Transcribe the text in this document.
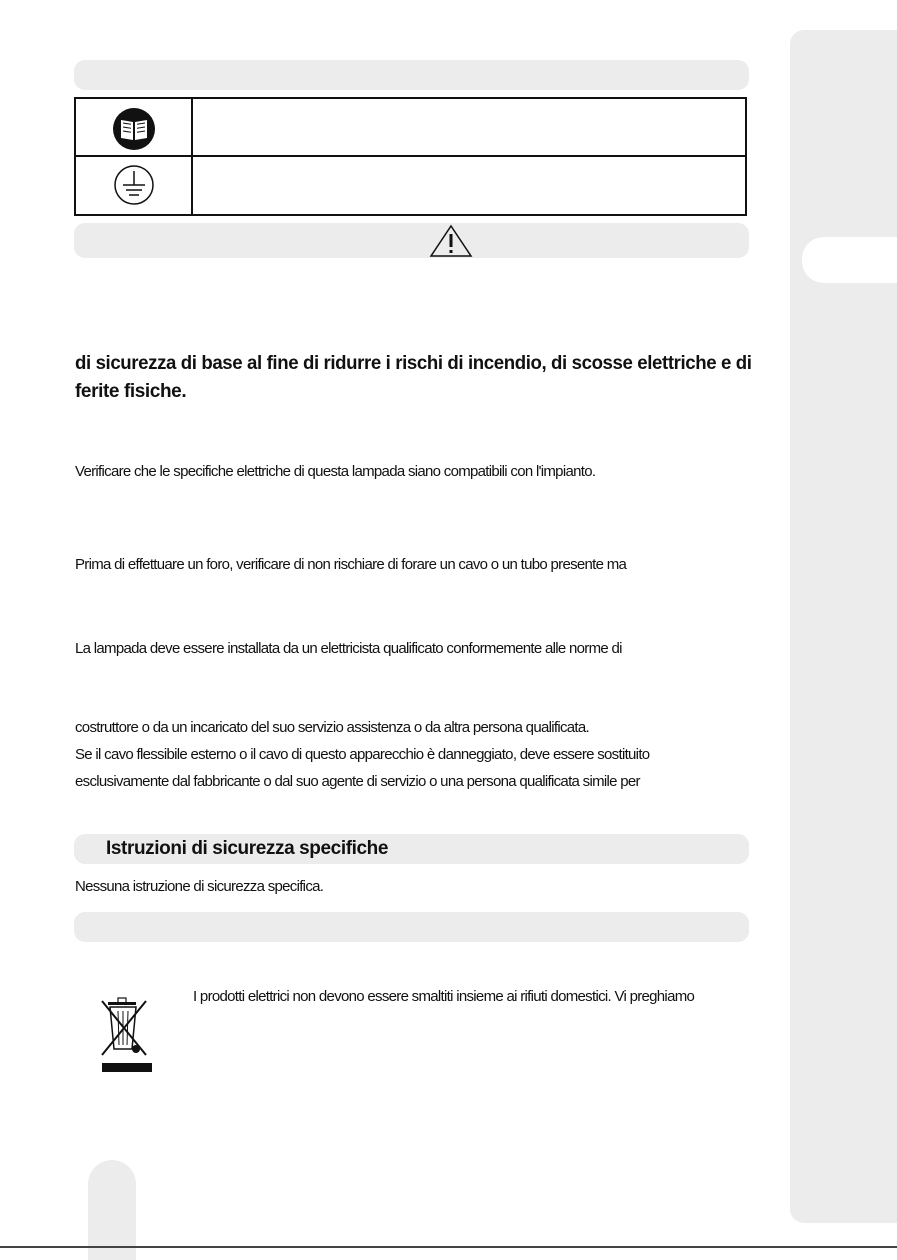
di sicurezza di base al fine di ridurre i rischi di incendio, di scosse elettriche e di
ferite fisiche.
Verificare che le specifiche elettriche di questa lampada siano compatibili con l'impianto.
Prima di effettuare un foro, verificare di non rischiare di forare un cavo o un tubo presente ma
La lampada deve essere installata da un elettricista qualificato conformemente alle norme di
costruttore o da un incaricato del suo servizio assistenza o da altra persona qualificata.
Se il cavo flessibile esterno o il cavo di questo apparecchio è danneggiato, deve essere sostituito
esclusivamente dal fabbricante o dal suo agente di servizio o una persona qualificata simile per
Istruzioni di sicurezza specifiche
Nessuna istruzione di sicurezza specifica.
I prodotti elettrici non devono essere smaltiti insieme ai rifiuti domestici. Vi preghiamo
